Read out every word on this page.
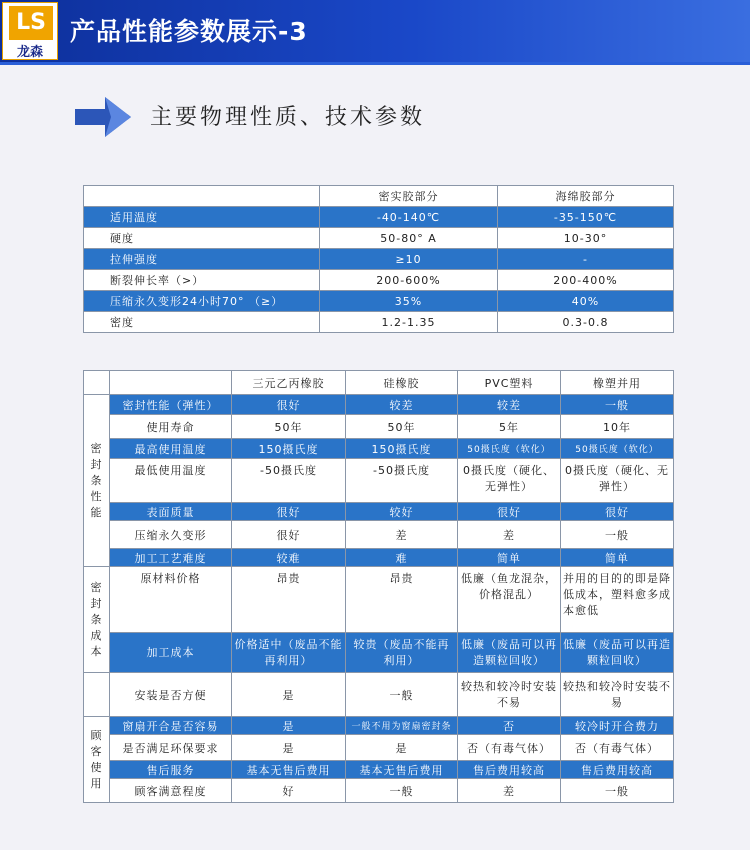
LS
龙森
产品性能参数展示-3
主要物理性质、技术参数
	密实胶部分	海绵胶部分
适用温度	-40-140℃	-35-150℃
硬度	50-80° A	10-30°
拉伸强度	≥10	-
断裂伸长率（>）	200-600%	200-400%
压缩永久变形24小时70° （≥）	35%	40%
密度	1.2-1.35	0.3-0.8
		三元乙丙橡胶	硅橡胶	PVC塑料	橡塑并用
密封条性能	密封性能（弹性）	很好	较差	较差	一般
	使用寿命	50年	50年	5年	10年
	最高使用温度	150摄氏度	150摄氏度	50摄氏度（软化）	50摄氏度（软化）
	最低使用温度	-50摄氏度	-50摄氏度	0摄氏度（硬化、无弹性）	0摄氏度（硬化、无弹性）
	表面质量	很好	较好	很好	很好
	压缩永久变形	很好	差	差	一般
	加工工艺难度	较难	难	简单	简单
密封条成本	原材料价格	昂贵	昂贵	低廉（鱼龙混杂，价格混乱）	并用的目的的即是降低成本，塑料愈多成本愈低
	加工成本	价格适中（废品不能再利用）	较贵（废品不能再利用）	低廉（废品可以再造颗粒回收）	低廉（废品可以再造颗粒回收）
	安装是否方便	是	一般	较热和较冷时安装不易	较热和较冷时安装不易
顾客使用	窗扇开合是否容易	是	一般不用为窗扇密封条	否	较冷时开合费力
	是否满足环保要求	是	是	否（有毒气体）	否（有毒气体）
	售后服务	基本无售后费用	基本无售后费用	售后费用较高	售后费用较高
	顾客满意程度	好	一般	差	一般
